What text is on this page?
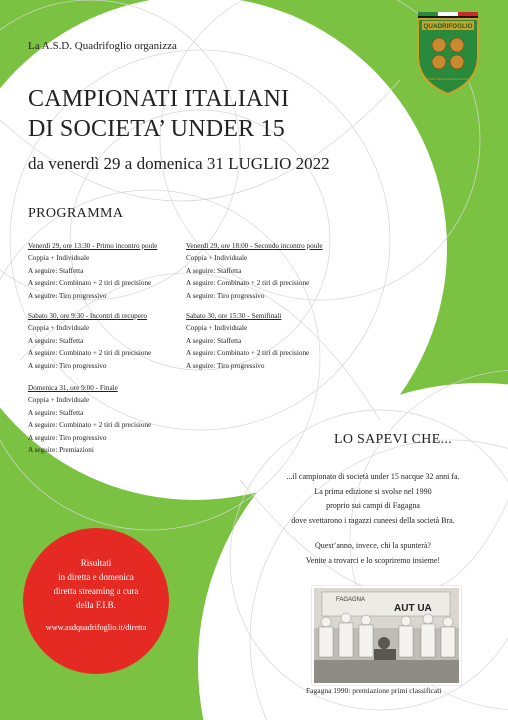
La A.S.D. Quadrifoglio organizza

CAMPIONATI ITALIANI
DI SOCIETA’ UNDER 15

da venerdì 29 a domenica 31 LUGLIO 2022

PROGRAMMA

Venerdì 29, ore 13:30 - Primo incontro poule
Coppia + Individuale
A seguire: Staffetta
A seguire: Combinato + 2 tiri di precisione
A seguire: Tiro progressivo
Venerdì 29, ore 18:00 - Secondo incontro poule
Coppia + Individuale
A seguire: Staffetta
A seguire: Combinato + 2 tiri di precisione
A seguire: Tiro progressivo
Sabato 30, ore 9:30 - Incontri di recupero
Coppia + Individuale
A seguire: Staffetta
A seguire: Combinato + 2 tiri di precisione
A seguire: Tiro progressivo
Sabato 30, ore 15:30 - Semifinali
Coppia + Individuale
A seguire: Staffetta
A seguire: Combinato + 2 tiri di precisione
A seguire: Tiro progressivo
Domenica 31, ore 9:00 - Finale
Coppia + Individuale
A seguire: Staffetta
A seguire: Combinato + 2 tiri di precisione
A seguire: Tiro progressivo
A seguire: Premiazioni

LO SAPEVI CHE...

...il campionato di società under 15 nacque 32 anni fa.
La prima edizione si svolse nel 1990
proprio sui campi di Fagagna
dove svettarono i ragazzi cuneesi della società Bra.
Quest’anno, invece, chi la spunterà?
Venite a trovarci e lo scopriremo insieme!
Risultati
in diretta e domenica
diretta streaming a cura
della F.I.B.
www.asdquadrifoglio.it/diretta
FAGAGNA
AUT UA

Fagagna 1990: premiazione primi classificati

QUADRIFOGLIO
SOCIETÀ BOCCIOFILA FAGAGNA
